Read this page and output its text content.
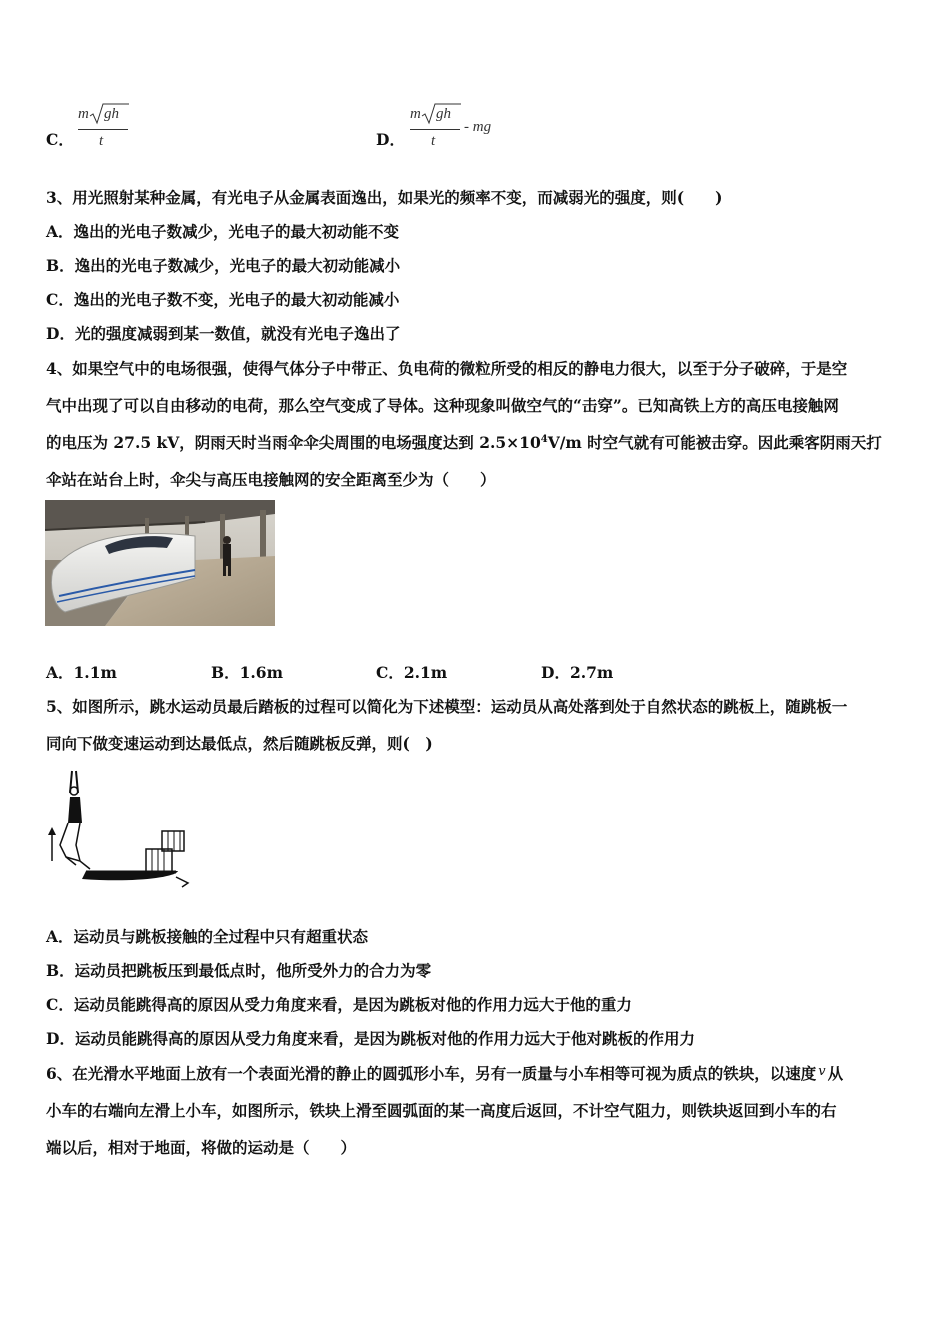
C．
m gh
t	D．
m gh
t
- mg
3、用光照射某种金属，有光电子从金属表面逸出，如果光的频率不变，而减弱光的强度，则(　　)
A．逸出的光电子数减少，光电子的最大初动能不变
B．逸出的光电子数减少，光电子的最大初动能减小
C．逸出的光电子数不变，光电子的最大初动能减小
D．光的强度减弱到某一数值，就没有光电子逸出了
4、如果空气中的电场很强，使得气体分子中带正、负电荷的微粒所受的相反的静电力很大，以至于分子破碎，于是空
气中出现了可以自由移动的电荷，那么空气变成了导体。这种现象叫做空气的“击穿”。已知高铁上方的高压电接触网
的电压为 27.5 kV，阴雨天时当雨伞伞尖周围的电场强度达到 $2.5\times 10^4V/m$ 时空气就有可能被击穿。因此乘客阴雨天打
伞站在站台上时，伞尖与高压电接触网的安全距离至少为（　　）
A．1.1m	B．1.6m	C．2.1m	D．2.7m
5、如图所示，跳水运动员最后踏板的过程可以简化为下述模型：运动员从高处落到处于自然状态的跳板上，随跳板一
同向下做变速运动到达最低点，然后随跳板反弹，则(　)
A．运动员与跳板接触的全过程中只有超重状态
B．运动员把跳板压到最低点时，他所受外力的合力为零
C．运动员能跳得高的原因从受力角度来看，是因为跳板对他的作用力远大于他的重力
D．运动员能跳得高的原因从受力角度来看，是因为跳板对他的作用力远大于他对跳板的作用力
6、在光滑水平地面上放有一个表面光滑的静止的圆弧形小车，另有一质量与小车相等可视为质点的铁块，以速度 $^v$ 从
小车的右端向左滑上小车，如图所示，铁块上滑至圆弧面的某一高度后返回，不计空气阻力，则铁块返回到小车的右
端以后，相对于地面，将做的运动是（　　）
